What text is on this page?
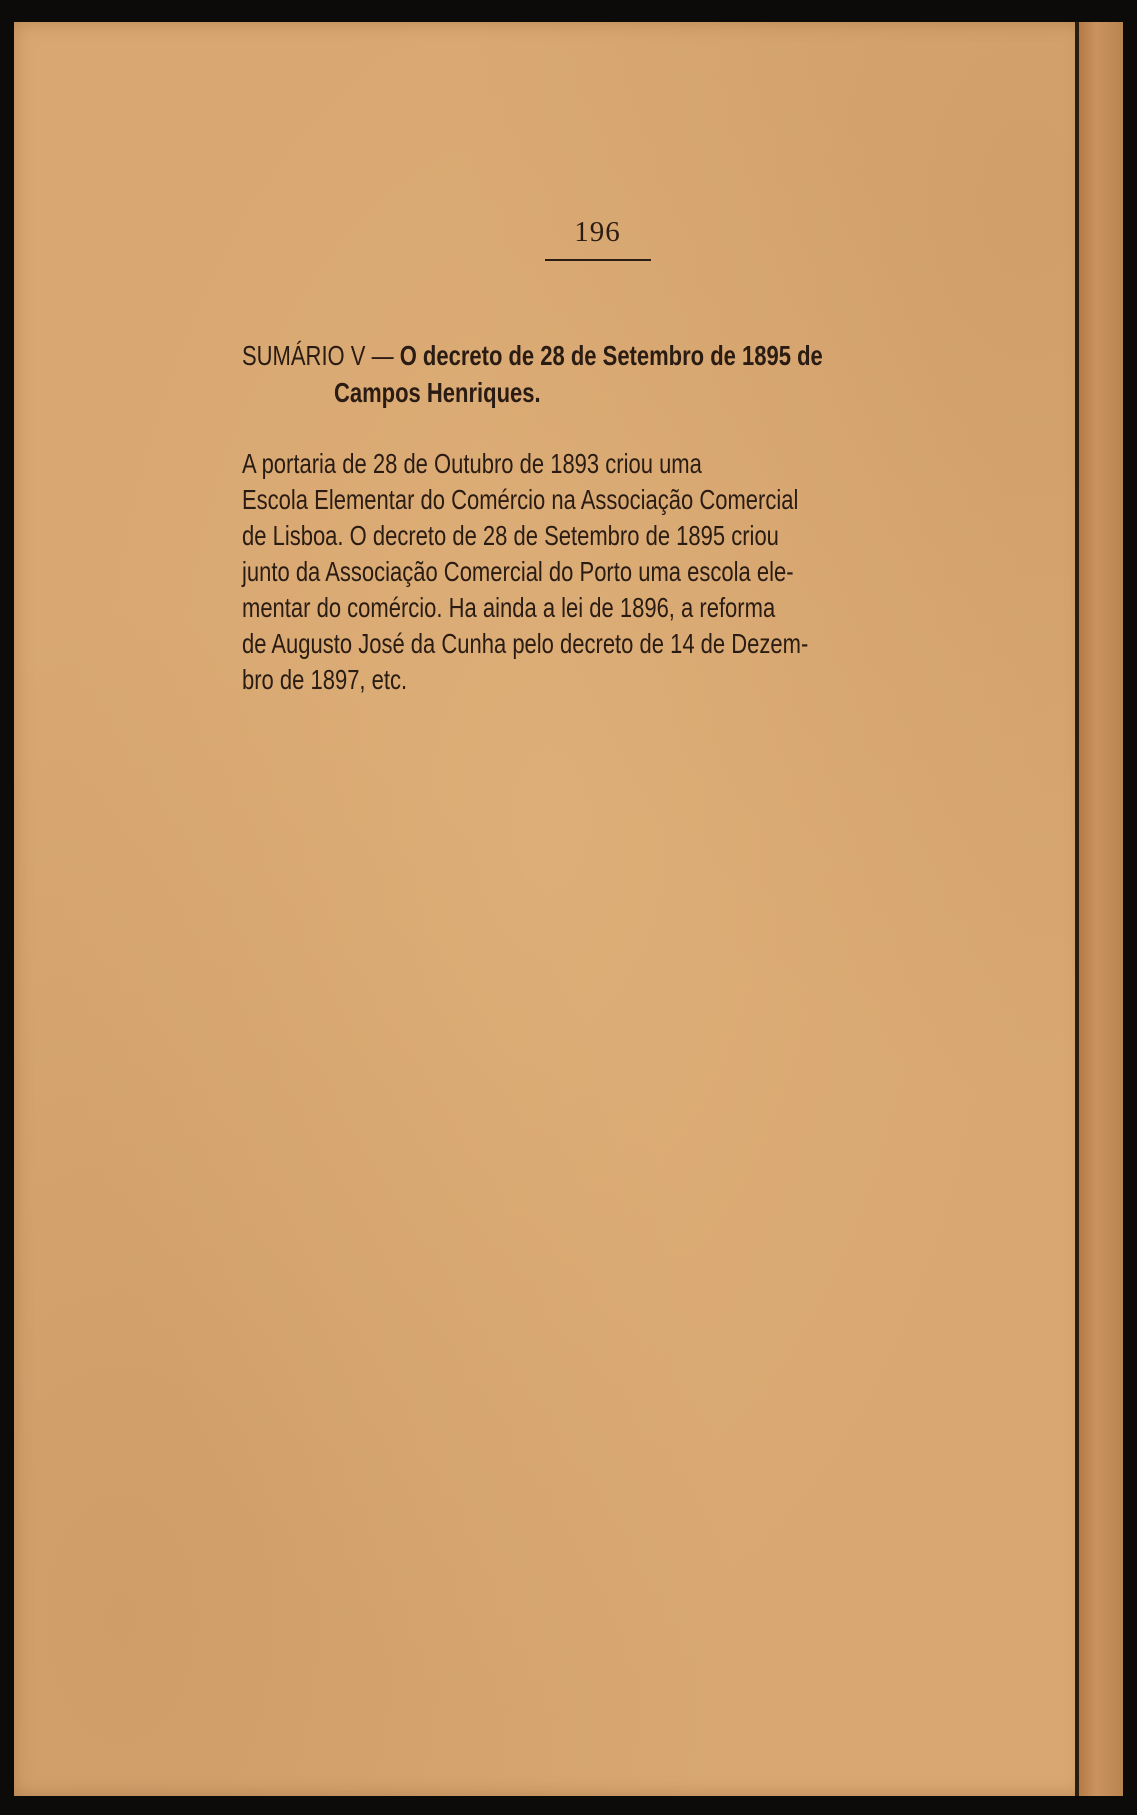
196
SUMÁRIO V — O decreto de 28 de Setembro de 1895 de
Campos Henriques.
A portaria de 28 de Outubro de 1893 criou uma
Escola Elementar do Comércio na Associação Comercial
de Lisboa. O decreto de 28 de Setembro de 1895 criou
junto da Associação Comercial do Porto uma escola ele-
mentar do comércio. Ha ainda a lei de 1896, a reforma
de Augusto José da Cunha pelo decreto de 14 de Dezem-
bro de 1897, etc.
